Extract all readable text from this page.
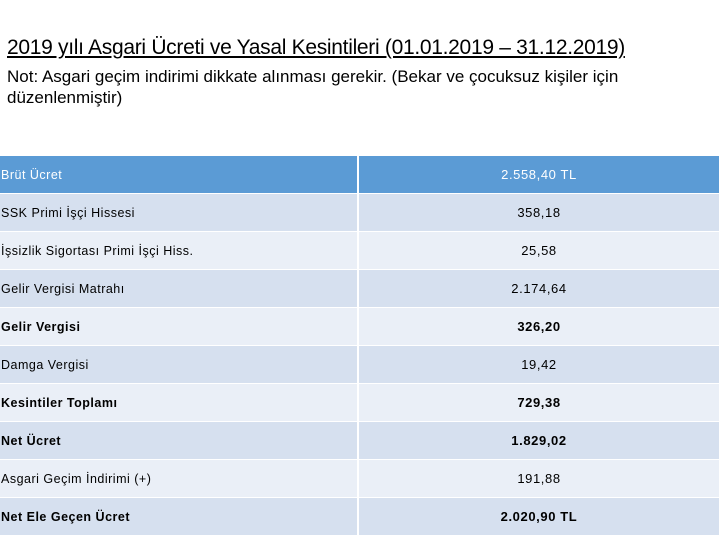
2019 yılı Asgari Ücreti ve Yasal Kesintileri (01.01.2019 – 31.12.2019)
Not: Asgari geçim indirimi dikkate alınması gerekir. (Bekar ve çocuksuz kişiler için düzenlenmiştir)
Brüt Ücret	2.558,40 TL
SSK Primi İşçi Hissesi	358,18
İşsizlik Sigortası Primi İşçi Hiss.	25,58
Gelir Vergisi Matrahı	2.174,64
Gelir Vergisi	326,20
Damga Vergisi	19,42
Kesintiler Toplamı	729,38
Net Ücret	1.829,02
Asgari Geçim İndirimi (+)	191,88
Net Ele Geçen Ücret	2.020,90 TL
